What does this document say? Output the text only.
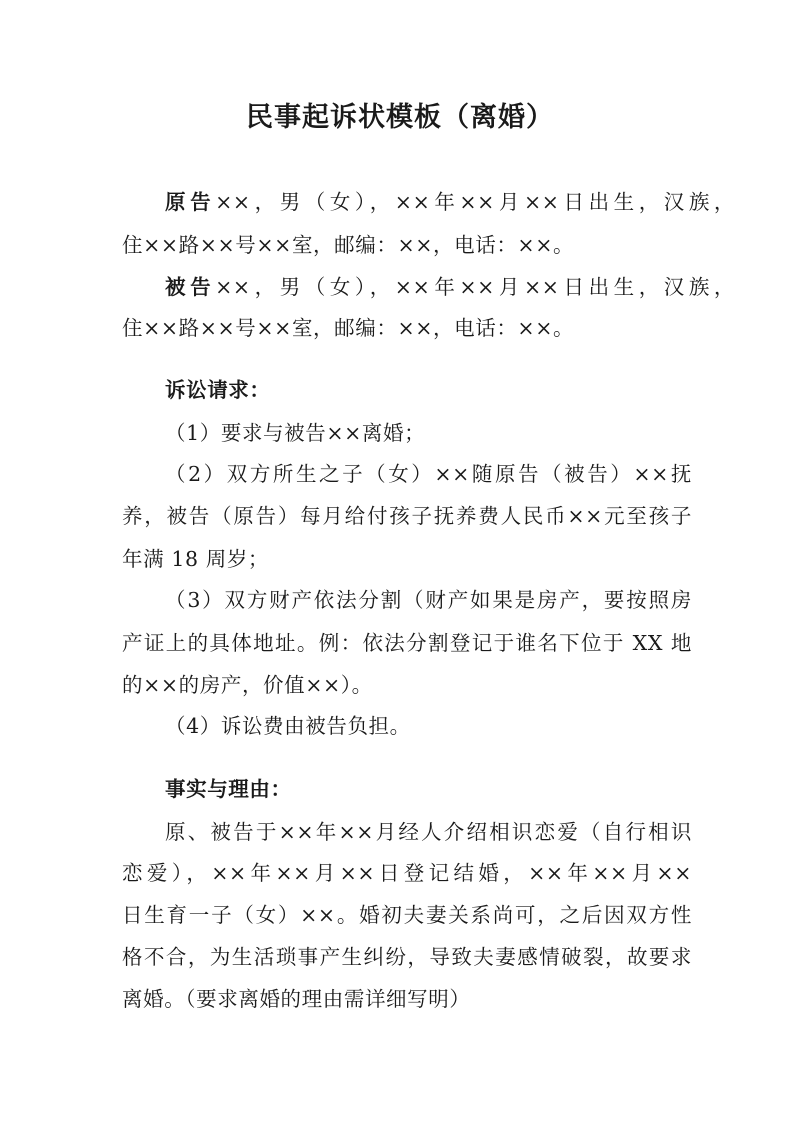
民事起诉状模板（离婚）
原告××，男（女），××年××月××日出生，汉族，
住××路××号××室，邮编：××，电话：××。
被告××，男（女），××年××月××日出生，汉族，
住××路××号××室，邮编：××，电话：××。
诉讼请求：
（1）要求与被告××离婚；
（2）双方所生之子（女）××随原告（被告）××抚
养，被告（原告）每月给付孩子抚养费人民币××元至孩子
年满 18 周岁；
（3）双方财产依法分割（财产如果是房产，要按照房
产证上的具体地址。例：依法分割登记于谁名下位于 XX 地
的××的房产，价值××）。
（4）诉讼费由被告负担。
事实与理由：
原、被告于××年××月经人介绍相识恋爱（自行相识
恋爱），××年××月××日登记结婚，××年××月××
日生育一子（女）××。婚初夫妻关系尚可，之后因双方性
格不合，为生活琐事产生纠纷，导致夫妻感情破裂，故要求
离婚。（要求离婚的理由需详细写明）
